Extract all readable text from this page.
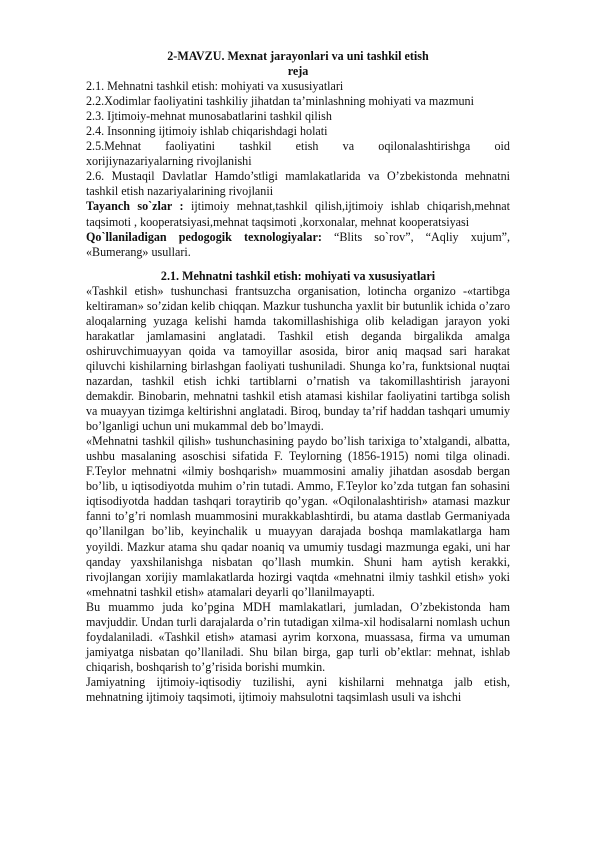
2-MAVZU. Mexnat jarayonlari va uni tashkil etish

reja

2.1. Mehnatni tashkil etish: mohiyati va xususiyatlari

2.2.Xodimlar faoliyatini tashkiliy jihatdan ta’minlashning mohiyati va mazmuni

2.3. Ijtimoiy-mehnat munosabatlarini tashkil qilish

2.4. Insonning ijtimoiy ishlab chiqarishdagi holati

2.5.Mehnat faoliyatini tashkil etish va oqilonalashtirishga oid

xorijiynazariyalarning rivojlanishi

2.6. Mustaqil Davlatlar Hamdo’stligi mamlakatlarida va O’zbekistonda mehnatni tashkil etish nazariyalarining rivojlanii

Tayanch so`zlar : ijtimoiy mehnat,tashkil qilish,ijtimoiy ishlab chiqarish,mehnat taqsimoti , kooperatsiyasi,mehnat taqsimoti ,korxonalar, mehnat kooperatsiyasi

Qo`llaniladigan pedogogik texnologiyalar: “Blits so`rov”, “Aqliy xujum”, «Bumerang» usullari.

2.1. Mehnatni tashkil etish: mohiyati va xususiyatlari

«Tashkil etish» tushunchasi frantsuzcha organisation, lotincha organizo -«tartibga keltiraman» so’zidan kelib chiqqan. Mazkur tushuncha yaxlit bir butunlik ichida o’zaro aloqalarning yuzaga kelishi hamda takomillashishiga olib keladigan jarayon yoki harakatlar jamlamasini anglatadi. Tashkil etish deganda birgalikda amalga oshiruvchimuayyan qoida va tamoyillar asosida, biror aniq maqsad sari harakat qiluvchi kishilarning birlashgan faoliyati tushuniladi. Shunga ko’ra, funktsional nuqtai nazardan, tashkil etish ichki tartiblarni o’rnatish va takomillashtirish jarayoni demakdir. Binobarin, mehnatni tashkil etish atamasi kishilar faoliyatini tartibga solish va muayyan tizimga keltirishni anglatadi. Biroq, bunday ta’rif haddan tashqari umumiy bo’lganligi uchun uni mukammal deb bo’lmaydi.

«Mehnatni tashkil qilish» tushunchasining paydo bo’lish tarixiga to’xtalgandi, albatta, ushbu masalaning asoschisi sifatida F. Teylorning (1856-1915) nomi tilga olinadi. F.Teylor mehnatni «ilmiy boshqarish» muammosini amaliy jihatdan asosdab bergan bo’lib, u iqtisodiyotda muhim o’rin tutadi. Ammo, F.Teylor ko’zda tutgan fan sohasini iqtisodiyotda haddan tashqari toraytirib qo’ygan. «Oqilonalashtirish» atamasi mazkur fanni to’g’ri nomlash muammosini murakkablashtirdi, bu atama dastlab Germaniyada qo’llanilgan bo’lib, keyinchalik u muayyan darajada boshqa mamlakatlarga ham yoyildi. Mazkur atama shu qadar noaniq va umumiy tusdagi mazmunga egaki, uni har qanday yaxshilanishga nisbatan qo’llash mumkin. Shuni ham aytish kerakki, rivojlangan xorijiy mamlakatlarda hozirgi vaqtda «mehnatni ilmiy tashkil etish» yoki «mehnatni tashkil etish» atamalari deyarli qo’llanilmayapti.

Bu muammo juda ko’pgina MDH mamlakatlari, jumladan, O’zbekistonda ham mavjuddir. Undan turli darajalarda o’rin tutadigan xilma-xil hodisalarni nomlash uchun foydalaniladi. «Tashkil etish» atamasi ayrim korxona, muassasa, firma va umuman jamiyatga nisbatan qo’llaniladi. Shu bilan birga, gap turli ob’ektlar: mehnat, ishlab chiqarish, boshqarish to’g’risida borishi mumkin.

Jamiyatning ijtimoiy-iqtisodiy tuzilishi, ayni kishilarni mehnatga jalb etish, mehnatning ijtimoiy taqsimoti, ijtimoiy mahsulotni taqsimlash usuli va ishchi
